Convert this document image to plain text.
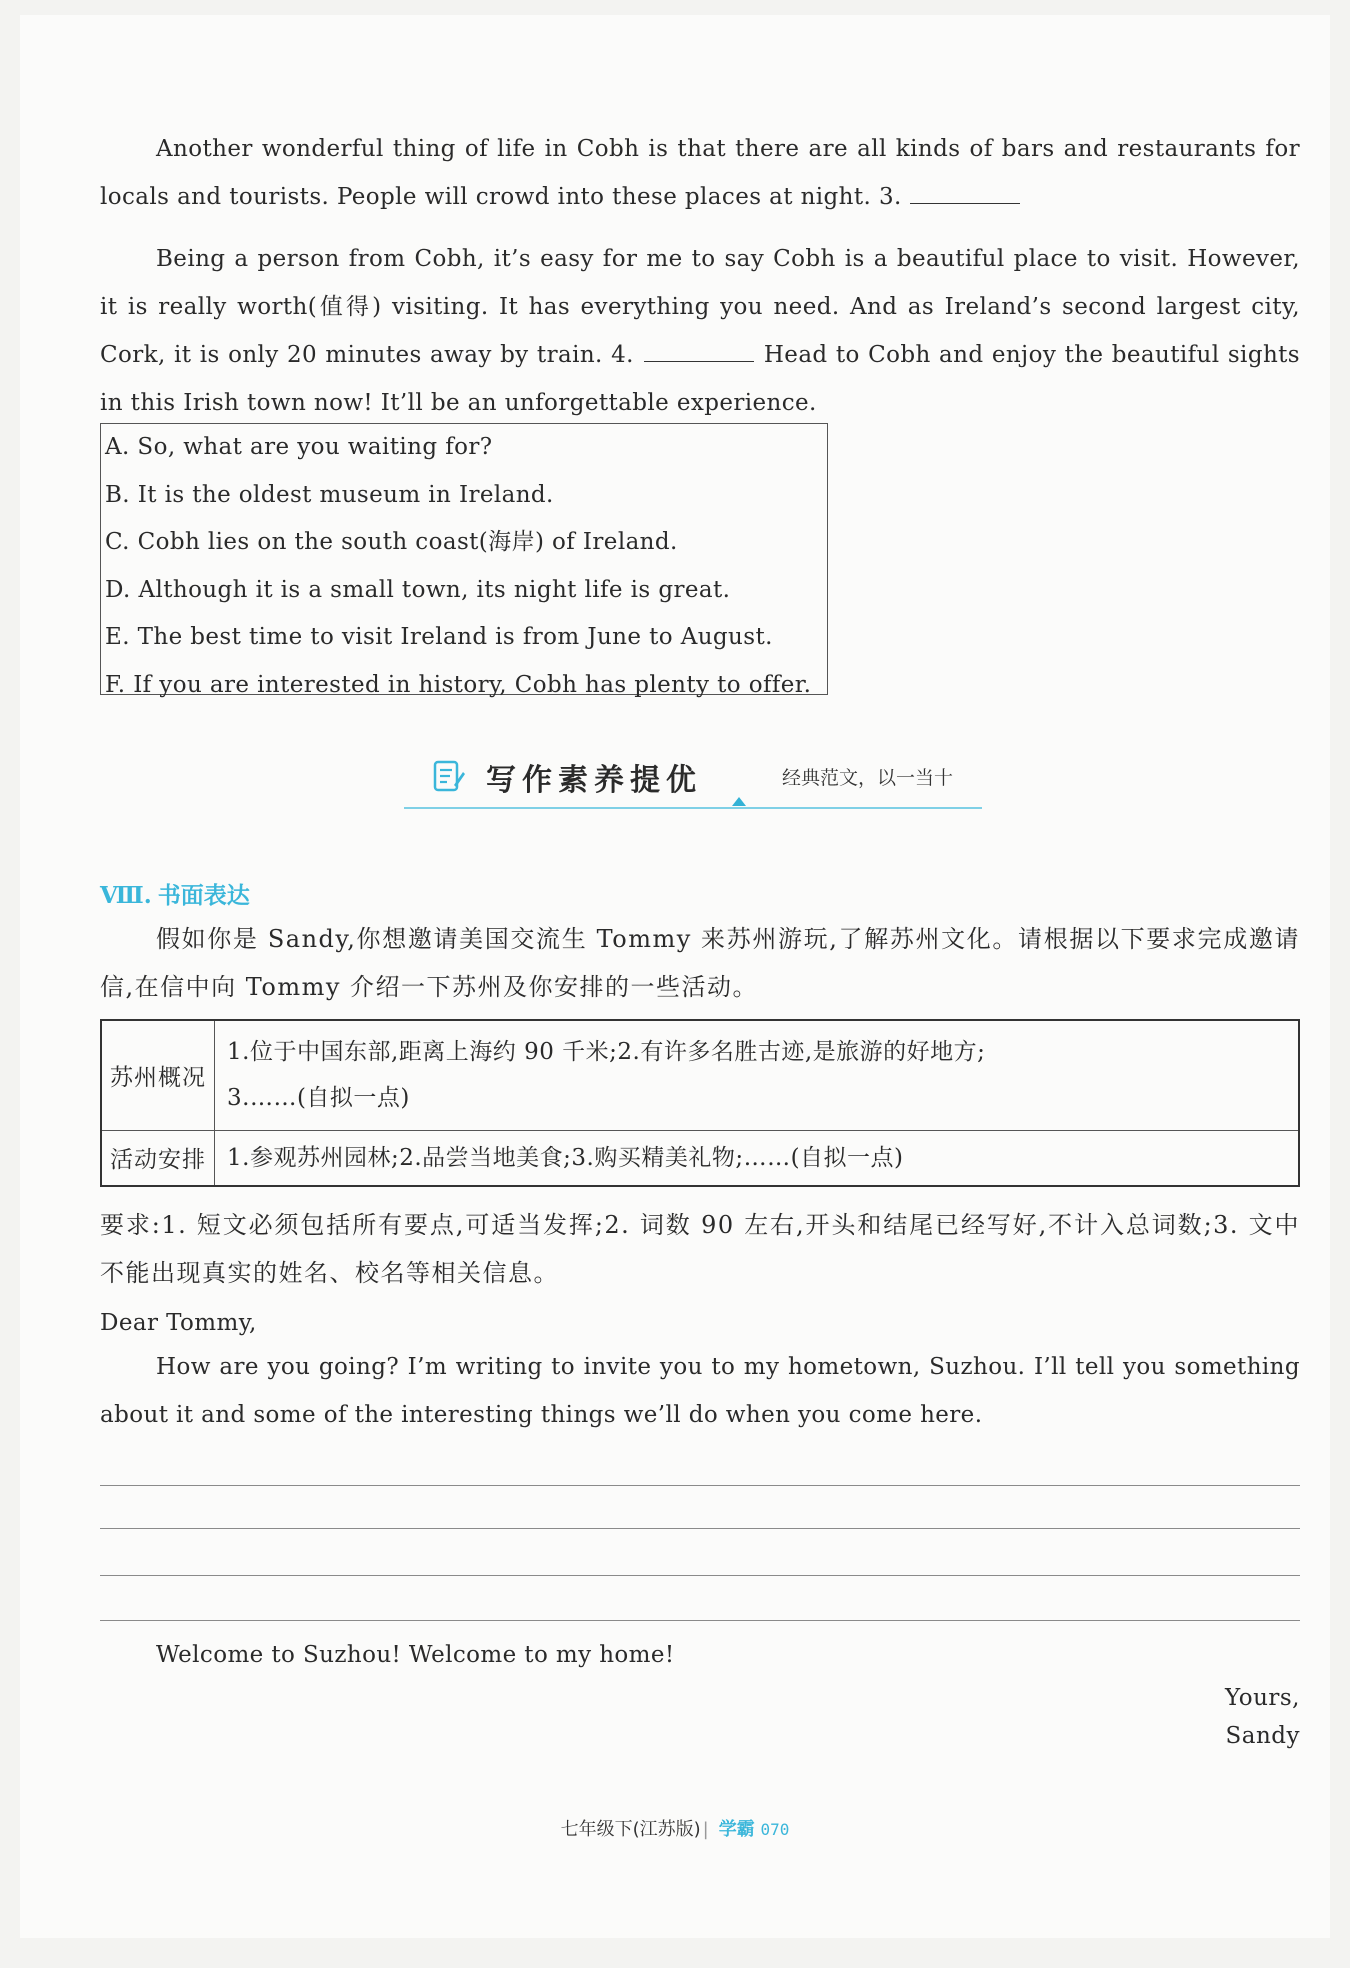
Another wonderful thing of life in Cobh is that there are all kinds of bars and restaurants for locals and tourists. People will crowd into these places at night. 3.
Being a person from Cobh, it’s easy for me to say Cobh is a beautiful place to visit. However, it is really worth(值得) visiting. It has everything you need. And as Ireland’s second largest city, Cork, it is only 20 minutes away by train. 4.	Head to Cobh and enjoy the beautiful sights in this Irish town now! It’ll be an unforgettable experience.
A. So, what are you waiting for?
B. It is the oldest museum in Ireland.
C. Cobh lies on the south coast(海岸) of Ireland.
D. Although it is a small town, its night life is great.
E. The best time to visit Ireland is from June to August.
F. If you are interested in history, Cobh has plenty to offer.
写作素养提优	经典范文，以一当十
Ⅷ. 书面表达
假如你是 Sandy,你想邀请美国交流生 Tommy 来苏州游玩,了解苏州文化。请根据以下要求完成邀请信,在信中向 Tommy 介绍一下苏州及你安排的一些活动。
苏州概况	1.位于中国东部,距离上海约 90 千米;2.有许多名胜古迹,是旅游的好地方;
3.……(自拟一点)

活动安排	1.参观苏州园林;2.品尝当地美食;3.购买精美礼物;……(自拟一点)
要求:1. 短文必须包括所有要点,可适当发挥;2. 词数 90 左右,开头和结尾已经写好,不计入总词数;3. 文中不能出现真实的姓名、校名等相关信息。
Dear Tommy,
How are you going? I’m writing to invite you to my hometown, Suzhou. I’ll tell you something about it and some of the interesting things we’ll do when you come here.
Welcome to Suzhou! Welcome to my home!
Yours,
Sandy
七年级下(江苏版) | 学霸 070
